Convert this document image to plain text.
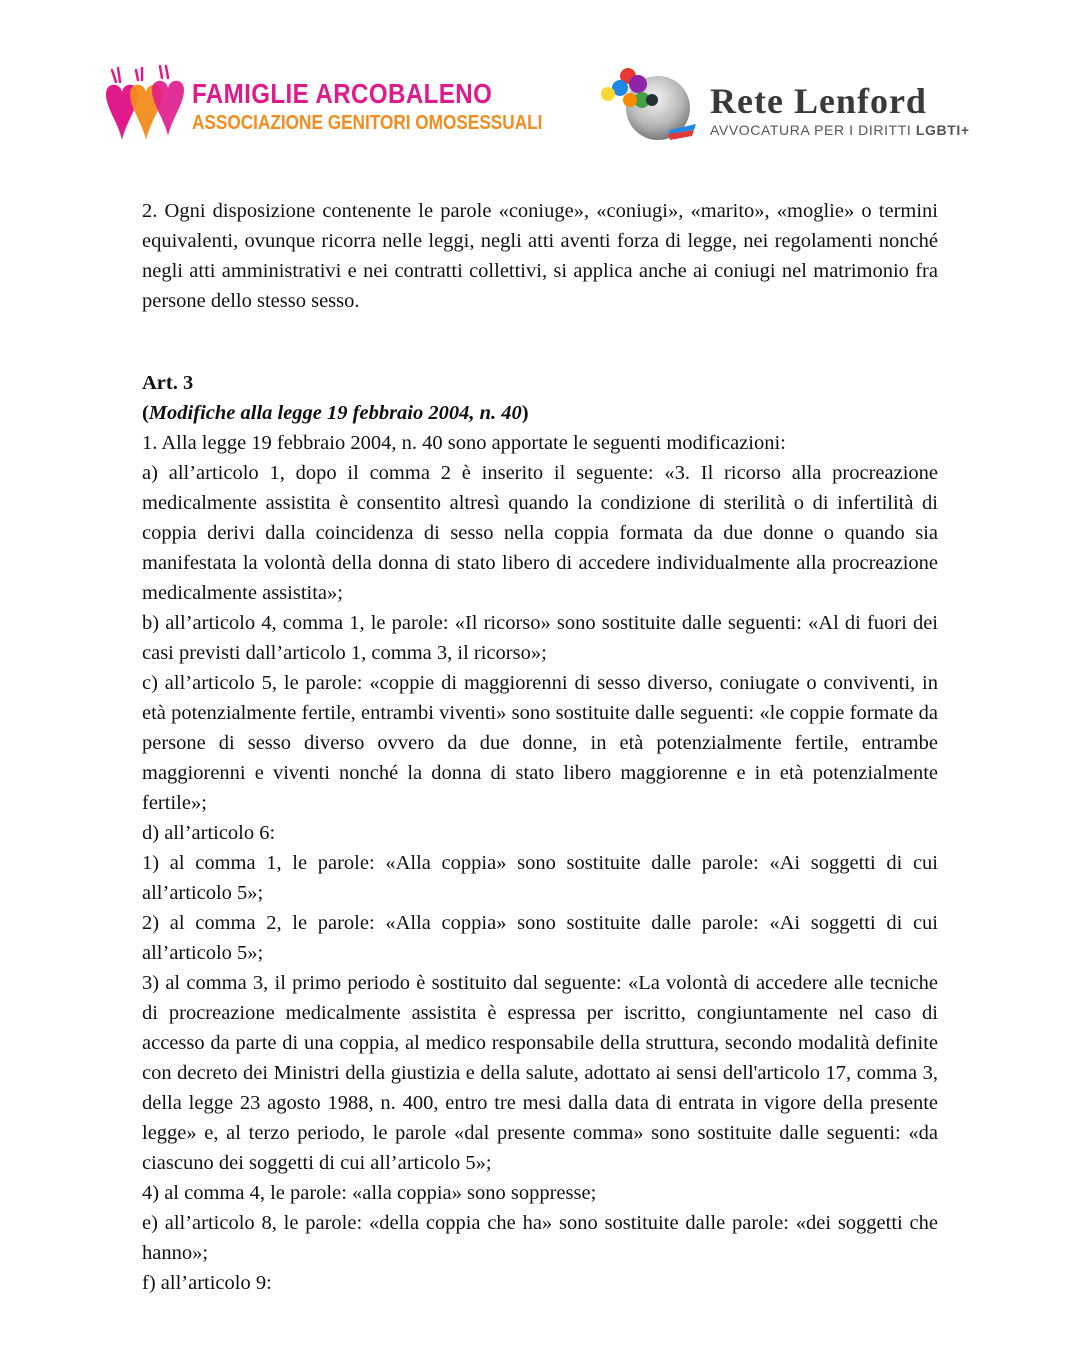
FAMIGLIE ARCOBALENO
ASSOCIAZIONE GENITORI OMOSESSUALI
Rete Lenford
AVVOCATURA PER I DIRITTI LGBTI+

2. Ogni disposizione contenente le parole «coniuge», «coniugi», «marito», «moglie» o termini equivalenti, ovunque ricorra nelle leggi, negli atti aventi forza di legge, nei regolamenti nonché negli atti amministrativi e nei contratti collettivi, si applica anche ai coniugi nel matrimonio fra persone dello stesso sesso.

Art. 3

(Modifiche alla legge 19 febbraio 2004, n. 40)

1. Alla legge 19 febbraio 2004, n. 40 sono apportate le seguenti modificazioni:

a) all’articolo 1, dopo il comma 2 è inserito il seguente: «3. Il ricorso alla procreazione medicalmente assistita è consentito altresì quando la condizione di sterilità o di infertilità di coppia derivi dalla coincidenza di sesso nella coppia formata da due donne o quando sia manifestata la volontà della donna di stato libero di accedere individualmente alla procreazione medicalmente assistita»;

b) all’articolo 4, comma 1, le parole: «Il ricorso» sono sostituite dalle seguenti: «Al di fuori dei casi previsti dall’articolo 1, comma 3, il ricorso»;

c) all’articolo 5, le parole: «coppie di maggiorenni di sesso diverso, coniugate o conviventi, in età potenzialmente fertile, entrambi viventi» sono sostituite dalle seguenti: «le coppie formate da persone di sesso diverso ovvero da due donne, in età potenzialmente fertile, entrambe maggiorenni e viventi nonché la donna di stato libero maggiorenne e in età potenzialmente fertile»;

d) all’articolo 6:

1) al comma 1, le parole: «Alla coppia» sono sostituite dalle parole: «Ai soggetti di cui all’articolo 5»;

2) al comma 2, le parole: «Alla coppia» sono sostituite dalle parole: «Ai soggetti di cui all’articolo 5»;

3) al comma 3, il primo periodo è sostituito dal seguente: «La volontà di accedere alle tecniche di procreazione medicalmente assistita è espressa per iscritto, congiuntamente nel caso di accesso da parte di una coppia, al medico responsabile della struttura, secondo modalità definite con decreto dei Ministri della giustizia e della salute, adottato ai sensi dell'articolo 17, comma 3, della legge 23 agosto 1988, n. 400, entro tre mesi dalla data di entrata in vigore della presente legge» e, al terzo periodo, le parole «dal presente comma» sono sostituite dalle seguenti: «da ciascuno dei soggetti di cui all’articolo 5»;

4) al comma 4, le parole: «alla coppia» sono soppresse;

e) all’articolo 8, le parole: «della coppia che ha» sono sostituite dalle parole: «dei soggetti che hanno»;

f) all’articolo 9:
